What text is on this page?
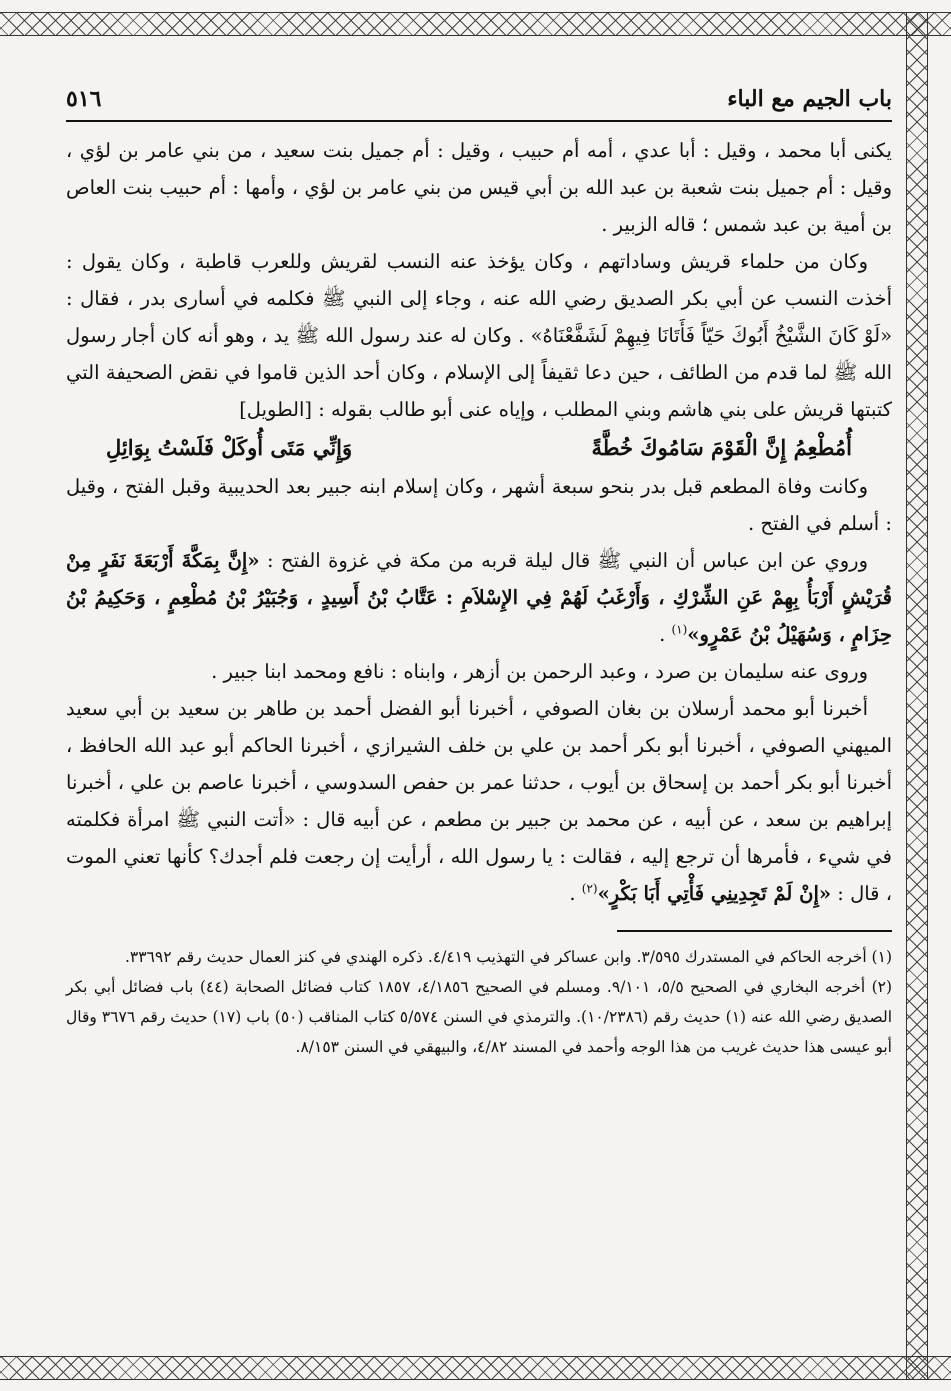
باب الجيم مع الباء
٥١٦

يكنى أبا محمد ، وقيل : أبا عدي ، أمه أم حبيب ، وقيل : أم جميل بنت سعيد ، من بني عامر بن لؤي ، وقيل : أم جميل بنت شعبة بن عبد الله بن أبي قيس من بني عامر بن لؤي ، وأمها : أم حبيب بنت العاص بن أمية بن عبد شمس ؛ قاله الزبير .

وكان من حلماء قريش وساداتهم ، وكان يؤخذ عنه النسب لقريش وللعرب قاطبة ، وكان يقول : أخذت النسب عن أبي بكر الصديق رضي الله عنه ، وجاء إلى النبي ﷺ فكلمه في أسارى بدر ، فقال : «لَوْ كَانَ الشَّيْخُ أَبُوكَ حَيّاً فَأَتَانَا فِيهِمْ لَشَفَّعْنَاهُ» . وكان له عند رسول الله ﷺ يد ، وهو أنه كان أجار رسول الله ﷺ لما قدم من الطائف ، حين دعا ثقيفاً إلى الإسلام ، وكان أحد الذين قاموا في نقض الصحيفة التي كتبتها قريش على بني هاشم وبني المطلب ، وإياه عنى أبو طالب بقوله : [الطويل]

أُمُطْعِمُ إِنَّ الْقَوْمَ سَامُوكَ خُطَّةً
وَإِنِّي مَتَى أُوكَلْ فَلَسْتُ بِوَائِلِ

وكانت وفاة المطعم قبل بدر بنحو سبعة أشهر ، وكان إسلام ابنه جبير بعد الحديبية وقبل الفتح ، وقيل : أسلم في الفتح .

وروي عن ابن عباس أن النبي ﷺ قال ليلة قربه من مكة في غزوة الفتح : «إِنَّ بِمَكَّةَ أَرْبَعَةَ نَفَرٍ مِنْ قُرَيْشٍ أَرْبَأُ بِهِمْ عَنِ الشِّرْكِ ، وَأَرْغَبُ لَهُمْ فِي الإِسْلاَمِ : عَتَّابُ بْنُ أَسِيدٍ ، وَجُبَيْرُ بْنُ مُطْعِمٍ ، وَحَكِيمُ بْنُ حِزَامٍ ، وَسُهَيْلُ بْنُ عَمْرٍو»$^{(١)}$ .

وروى عنه سليمان بن صرد ، وعبد الرحمن بن أزهر ، وابناه : نافع ومحمد ابنا جبير .

أخبرنا أبو محمد أرسلان بن بغان الصوفي ، أخبرنا أبو الفضل أحمد بن طاهر بن سعيد بن أبي سعيد الميهني الصوفي ، أخبرنا أبو بكر أحمد بن علي بن خلف الشيرازي ، أخبرنا الحاكم أبو عبد الله الحافظ ، أخبرنا أبو بكر أحمد بن إسحاق بن أيوب ، حدثنا عمر بن حفص السدوسي ، أخبرنا عاصم بن علي ، أخبرنا إبراهيم بن سعد ، عن أبيه ، عن محمد بن جبير بن مطعم ، عن أبيه قال : «أتت النبي ﷺ امرأة فكلمته في شيء ، فأمرها أن ترجع إليه ، فقالت : يا رسول الله ، أرأيت إن رجعت فلم أجدك؟ كأنها تعني الموت ، قال : «إِنْ لَمْ تَجِدِينِي فَأْتِي أَبَا بَكْرٍ»$^{(٢)}$ .

(١) أخرجه الحاكم في المستدرك ٣/٥٩٥. وابن عساكر في التهذيب ٤/٤١٩. ذكره الهندي في كنز العمال حديث رقم ٣٣٦٩٢.

(٢) أخرجه البخاري في الصحيح ٥/٥، ٩/١٠١. ومسلم في الصحيح ٤/١٨٥٦، ١٨٥٧ كتاب فضائل الصحابة (٤٤) باب فضائل أبي بكر الصديق رضي الله عنه (١) حديث رقم (١٠/٢٣٨٦). والترمذي في السنن ٥/٥٧٤ كتاب المناقب (٥٠) باب (١٧) حديث رقم ٣٦٧٦ وقال أبو عيسى هذا حديث غريب من هذا الوجه وأحمد في المسند ٤/٨٢، والبيهقي في السنن ٨/١٥٣.
